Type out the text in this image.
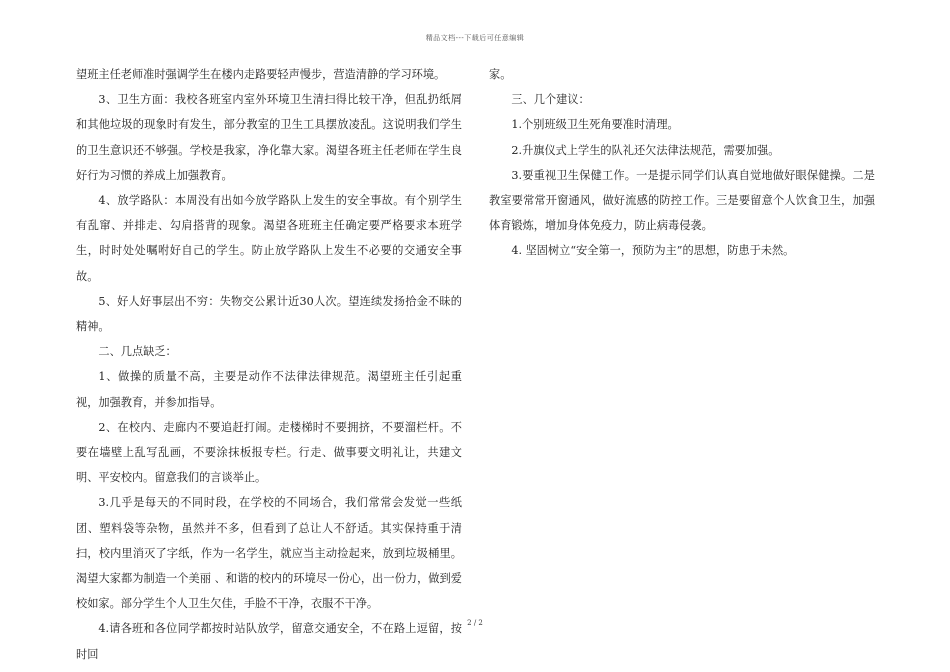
精品文档---下载后可任意编辑

望班主任老师准时强调学生在楼内走路要轻声慢步，营造清静的学习环境。

3、卫生方面：我校各班室内室外环境卫生清扫得比较干净，但乱扔纸屑和其他垃圾的现象时有发生，部分教室的卫生工具摆放凌乱。这说明我们学生的卫生意识还不够强。学校是我家，净化靠大家。渴望各班主任老师在学生良好行为习惯的养成上加强教育。

4、放学路队：本周没有出如今放学路队上发生的安全事故。有个别学生有乱窜、并排走、勾肩搭背的现象。渴望各班班主任确定要严格要求本班学生，时时处处嘱咐好自己的学生。防止放学路队上发生不必要的交通安全事故。

5、好人好事层出不穷：失物交公累计近30人次。望连续发扬拾金不昧的精神。

二、几点缺乏：

1、做操的质量不高，主要是动作不法律法律规范。渴望班主任引起重视，加强教育，并参加指导。

2、在校内、走廊内不要追赶打闹。走楼梯时不要拥挤，不要溜栏杆。不要在墙壁上乱写乱画，不要涂抹板报专栏。行走、做事要文明礼让，共建文明、平安校内。留意我们的言谈举止。

3.几乎是每天的不同时段，在学校的不同场合，我们常常会发觉一些纸团、塑料袋等杂物，虽然并不多，但看到了总让人不舒适。其实保持重于清扫，校内里消灭了字纸，作为一名学生，就应当主动捡起来，放到垃圾桶里。渴望大家都为制造一个美丽 、和谐的校内的环境尽一份心，出一份力，做到爱校如家。部分学生个人卫生欠佳，手脸不干净，衣服不干净。

4.请各班和各位同学都按时站队放学，留意交通安全，不在路上逗留，按时回

家。

三、几个建议：

1.个别班级卫生死角要准时清理。

2.升旗仪式上学生的队礼还欠法律法规范，需要加强。

3.要重视卫生保健工作。一是提示同学们认真自觉地做好眼保健操。二是教室要常常开窗通风，做好流感的防控工作。三是要留意个人饮食卫生，加强体育锻炼，增加身体免疫力，防止病毒侵袭。

4. 坚固树立“安全第一，预防为主”的思想，防患于未然。

2 / 2
